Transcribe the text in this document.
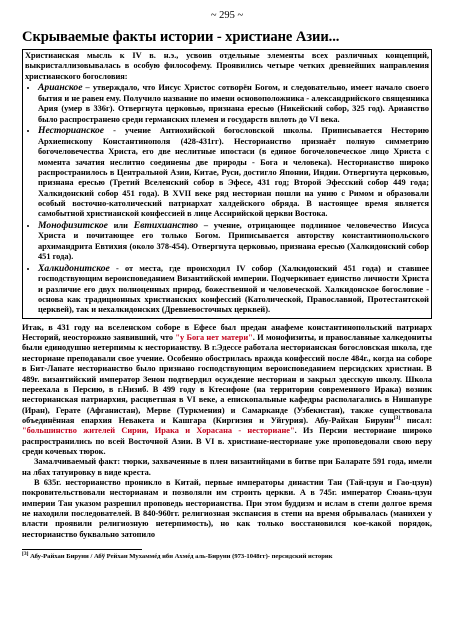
~ 295 ~
Скрываемые факты истории - христиане Азии...

Христианская мысль к IV в. н.э., усвоив отдельные элементы всех различных концепций, выкристаллизовывалась в особую философему. Проявились четыре четких древнейших направления христианского богословия:

• Арианское – утверждало, что Иисус Христос сотворён Богом, и следовательно, имеет начало своего бытия и не равен ему. Получило название по имени основоположника - александрийского священника Ария (умер в 336г). Отвергнута церковью, признана ересью (Никейский собор, 325 год). Арианство было распространено среди германских племен и государств вплоть до VI века.
• Несторианское - учение Антиохийской богословской школы. Приписывается Несторию Архиепископу Константинополя (428-431гг). Несторианство признаёт полную симметрию богочеловечества Христа, его две неслитные ипостаси (в единое богочеловеческое лицо Христа с момента зачатия неслитно соединены две природы - Бога и человека). Несторианство широко распространилось в Центральной Азии, Китае, Руси, достигло Японии, Индии. Отвергнута церковью, признана ересью (Третий Вселенский собор в Эфесе, 431 год; Второй Эфесский собор 449 года; Халкидонский собор 451 года). В XVII веке ряд несториан пошли на унию с Римом и образовали особый восточно-католический патриархат халдейского обряда. В настоящее время является самобытной христианской конфессией в лице Ассирийской церкви Востока.
• Монофизитское или Евтихианство – учение, отрицающее подлинное человечество Иисуса Христа и почитающее его только Богом. Приписывается авторству константинопольского архимандрита Евтихия (около 378-454). Отвергнута церковью, признана ересью (Халкидонский собор 451 года).
• Халкидонитское - от места, где происходил IV собор (Халкидонский 451 года) и ставшее господствующим вероисповеданием Византийской империи. Подчеркивает единство личности Христа и различие его двух полноценных природ, божественной и человеческой. Халкидонское богословие - основа как традиционных христианских конфессий (Католической, Православной, Протестантской церквей), так и нехалкидонских (Древневосточных церквей).

Итак, в 431 году на вселенском соборе в Ефесе был предан анафеме константинопольский патриарх Несторий, неосторожно заявивший, что "у Бога нет матери". И монофизиты, и православные халкедониты были единодушно нетерпимы к несторианству. В г.Эдессе работала несторианская богословская школа, где несториане преподавали свое учение. Особенно обострилась вражда конфессий после 484г., когда на соборе в Бит-Лапате несторианство было признано господствующим вероисповеданием персидских христиан. В 489г. византийский император Зенон подтвердил осуждение несториан и закрыл эдесскую школу. Школа переехала в Персию, в г.Низиб. В 499 году в Ктесифоне (на территории современного Ирака) возник несторианская патриархия, расцветшая в VI веке, а епископальные кафедры располагались в Нишапуре (Иран), Герате (Афганистан), Мерве (Туркмения) и Самарканде (Узбекистан), также существовала объединённая епархия Невакета и Кашгара (Киргизия и Уйгурия). Абу-Райхан Бируни[3] писал: "большинство жителей Сирии, Ирака и Хорасана - несториане". Из Персии несториане широко распространились по всей Восточной Азии. В VI в. христиане-несториане уже проповедовали свою веру среди кочевых тюрок.

Замалчиваемый факт: тюрки, захваченные в плен византийцами в битве при Баларате 591 года, имели на лбах татуировку в виде креста.

В 635г. несторианство проникло в Китай, первые императоры династии Тан (Тай-цзун и Гао-цзун) покровительствовали несторианам и позволяли им строить церкви. А в 745г. император Сюань-цзун империи Тан указом разрешил проповедь несторианства. При этом буддизм и ислам в степи долгое время не находили последователей. В 840-960гг. религиозная экспансия в степи на время обрывалась (манихеи у власти проявили религиозную нетерпимость), но как только восстановился кое-какой порядок, несторианство буквально затопило

[3] Абу-Райхан Бируни / Абў Рейхан Мухаммéд ибн Ахмéд аль-Бируни (973-1048гг)- персидский историк
